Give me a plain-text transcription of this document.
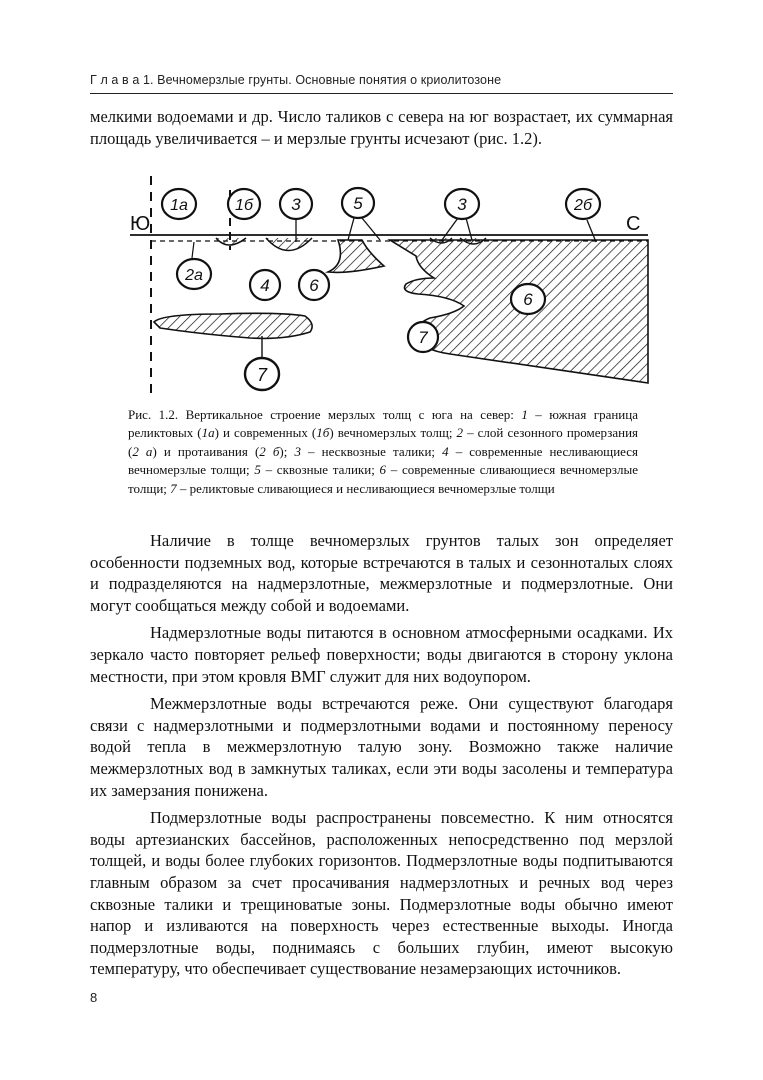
Г л а в а 1. Вечномерзлые грунты. Основные понятия о криолитозоне

мелкими водоемами и др. Число таликов с севера на юг возрастает, их суммарная площадь увеличивается – и мерзлые грунты исчезают (рис. 1.2).

Ю	С
1а	1б 3	5	3	2б
2а
4 6
6
7
7
Рис. 1.2. Вертикальное строение мерзлых толщ с юга на север: 1 – южная граница реликтовых (1а) и современных (1б) вечномерзлых толщ; 2 – слой сезонного промерзания (2 а) и протаивания (2 б); 3 – несквозные талики; 4 – современные несливающиеся вечномерзлые толщи; 5 – сквозные талики; 6 – современные сливающиеся вечномерзлые толщи; 7 – реликтовые сливающиеся и несливающиеся вечномерзлые толщи

Наличие в толще вечномерзлых грунтов талых зон определяет особенности подземных вод, которые встречаются в талых и сезонноталых слоях и подразделяются на надмерзлотные, межмерзлотные и подмерзлотные. Они могут сообщаться между собой и водоемами.

Надмерзлотные воды питаются в основном атмосферными осадками. Их зеркало часто повторяет рельеф поверхности; воды двигаются в сторону уклона местности, при этом кровля ВМГ служит для них водоупором.

Межмерзлотные воды встречаются реже. Они существуют благодаря связи с надмерзлотными и подмерзлотными водами и постоянному переносу водой тепла в межмерзлотную талую зону. Возможно также наличие межмерзлотных вод в замкнутых таликах, если эти воды засолены и температура их замерзания понижена.

Подмерзлотные воды распространены повсеместно. К ним относятся воды артезианских бассейнов, расположенных непосредственно под мерзлой толщей, и воды более глубоких горизонтов. Подмерзлотные воды подпитываются главным образом за счет просачивания надмерзлотных и речных вод через сквозные талики и трещиноватые зоны. Подмерзлотные воды обычно имеют напор и изливаются на поверхность через естественные выходы. Иногда подмерзлотные воды, поднимаясь с больших глубин, имеют высокую температуру, что обеспечивает существование незамерзающих источников.

8
